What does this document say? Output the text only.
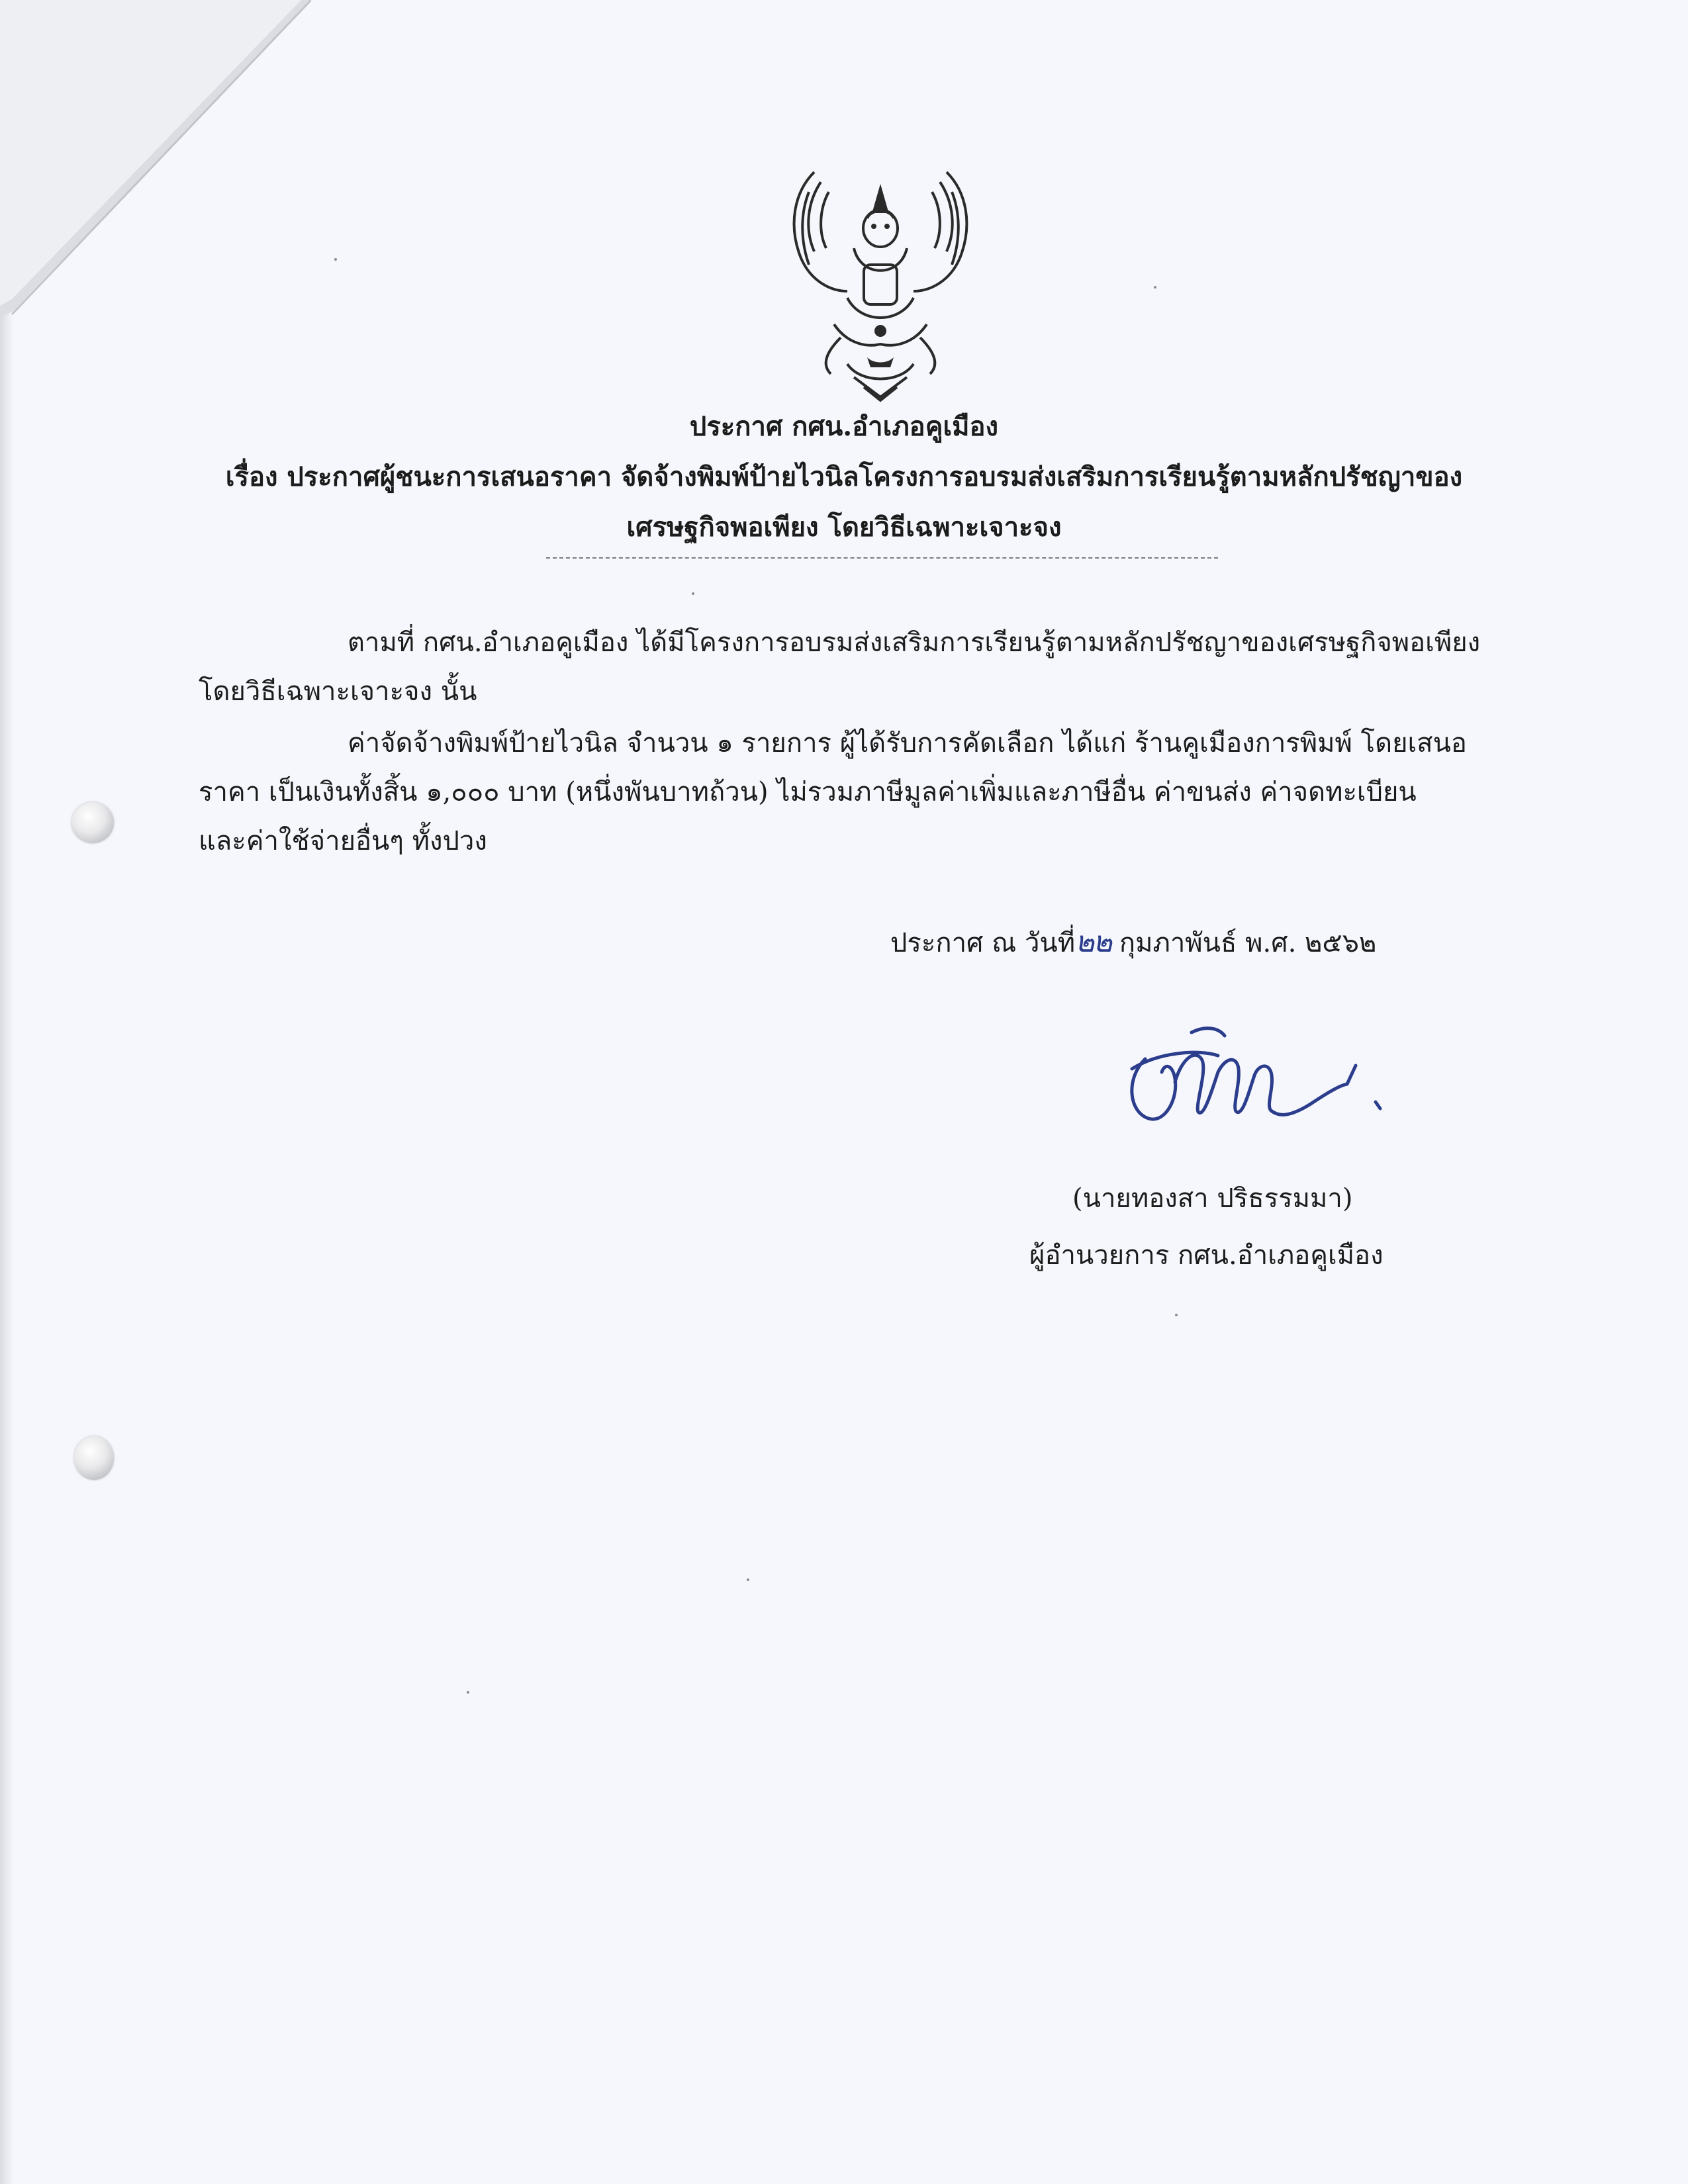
ประกาศ กศน.อำเภอคูเมือง

เรื่อง ประกาศผู้ชนะการเสนอราคา จัดจ้างพิมพ์ป้ายไวนิลโครงการอบรมส่งเสริมการเรียนรู้ตามหลักปรัชญาของ

เศรษฐกิจพอเพียง โดยวิธีเฉพาะเจาะจง

ตามที่ กศน.อำเภอคูเมือง ได้มีโครงการอบรมส่งเสริมการเรียนรู้ตามหลักปรัชญาของเศรษฐกิจพอเพียง

โดยวิธีเฉพาะเจาะจง นั้น

ค่าจัดจ้างพิมพ์ป้ายไวนิล จำนวน ๑ รายการ ผู้ได้รับการคัดเลือก ได้แก่ ร้านคูเมืองการพิมพ์ โดยเสนอ

ราคา เป็นเงินทั้งสิ้น ๑,๐๐๐ บาท (หนึ่งพันบาทถ้วน) ไม่รวมภาษีมูลค่าเพิ่มและภาษีอื่น ค่าขนส่ง ค่าจดทะเบียน

และค่าใช้จ่ายอื่นๆ ทั้งปวง

ประกาศ ณ วันที่๒๒ กุมภาพันธ์ พ.ศ. ๒๕๖๒
(นายทองสา ปริธรรมมา)
ผู้อำนวยการ กศน.อำเภอคูเมือง
